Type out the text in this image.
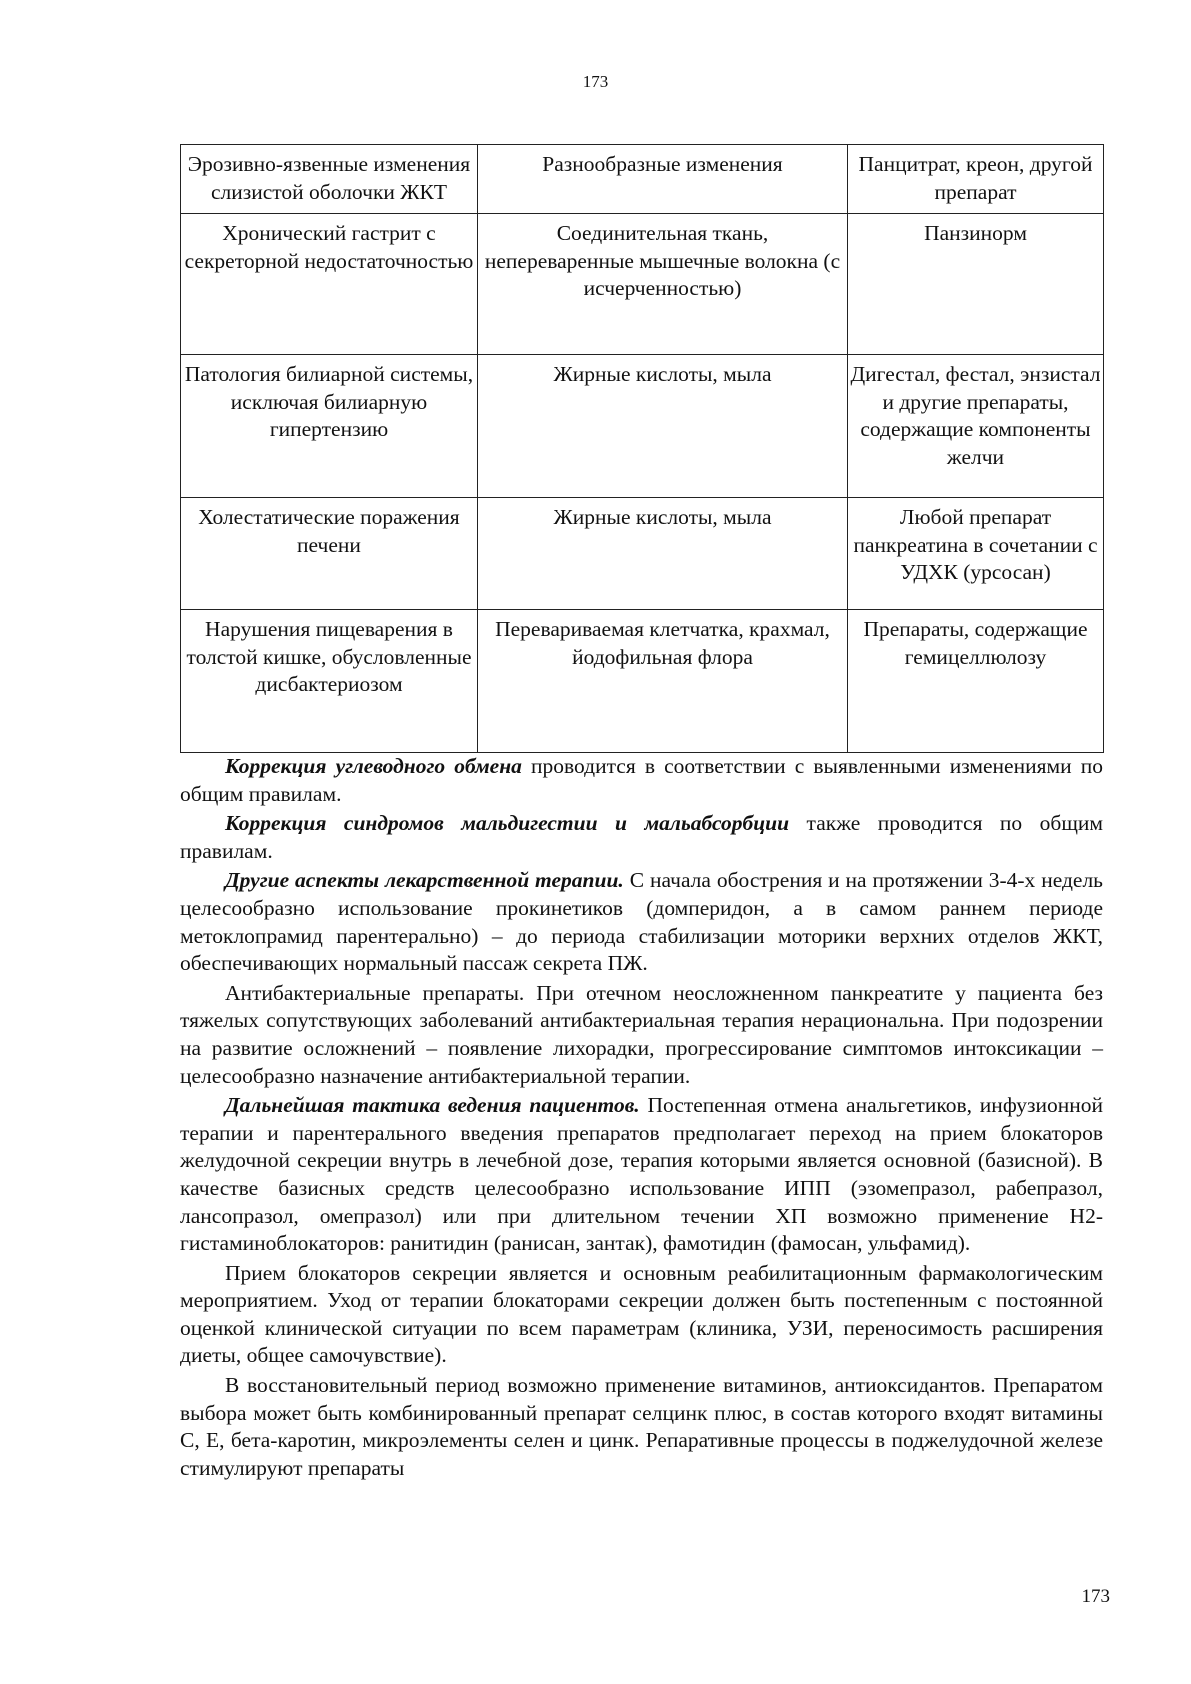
173
Эрозивно-язвенные изменения слизистой оболочки ЖКТ	Разнообразные изменения	Панцитрат, креон, другой препарат
Хронический гастрит с секреторной недостаточностью	Соединительная ткань, непереваренные мышечные волокна (с исчерченностью)	Панзинорм
Патология билиарной системы, исключая билиарную гипертензию	Жирные кислоты, мыла	Дигестал, фестал, энзистал и другие препараты, содержащие компоненты желчи
Холестатические поражения печени	Жирные кислоты, мыла	Любой препарат панкреатина в сочетании с УДХК (урсосан)
Нарушения пищеварения в толстой кишке, обусловленные дисбактериозом	Перевариваемая клетчатка, крахмал, йодофильная флора	Препараты, содержащие гемицеллюлозу

Коррекция углеводного обмена проводится в соответствии с выявленными изменениями по общим правилам.

Коррекция синдромов мальдигестии и мальабсорбции также проводится по общим правилам.

Другие аспекты лекарственной терапии. С начала обострения и на протяжении 3-4-х недель целесообразно использование прокинетиков (домперидон, а в самом раннем периоде метоклопрамид парентерально) – до периода стабилизации моторики верхних отделов ЖКТ, обеспечивающих нормальный пассаж секрета ПЖ.

Антибактериальные препараты. При отечном неосложненном панкреатите у пациента без тяжелых сопутствующих заболеваний антибактериальная терапия нерациональна. При подозрении на развитие осложнений – появление лихорадки, прогрессирование симптомов интоксикации – целесообразно назначение антибактериальной терапии.

Дальнейшая тактика ведения пациентов. Постепенная отмена анальгетиков, инфузионной терапии и парентерального введения препаратов предполагает переход на прием блокаторов желудочной секреции внутрь в лечебной дозе, терапия которыми является основной (базисной). В качестве базисных средств целесообразно использование ИПП (эзомепразол, рабепразол, лансопразол, омепразол) или при длительном течении ХП возможно применение Н2-гистаминоблокаторов: ранитидин (ранисан, зантак), фамотидин (фамосан, ульфамид).

Прием блокаторов секреции является и основным реабилитационным фармакологическим мероприятием. Уход от терапии блокаторами секреции должен быть постепенным с постоянной оценкой клинической ситуации по всем параметрам (клиника, УЗИ, переносимость расширения диеты, общее самочувствие).

В восстановительный период возможно применение витаминов, антиоксидантов. Препаратом выбора может быть комбинированный препарат селцинк плюс, в состав которого входят витамины С, Е, бета-каротин, микроэлементы селен и цинк. Репаративные процессы в поджелудочной железе стимулируют препараты

173
